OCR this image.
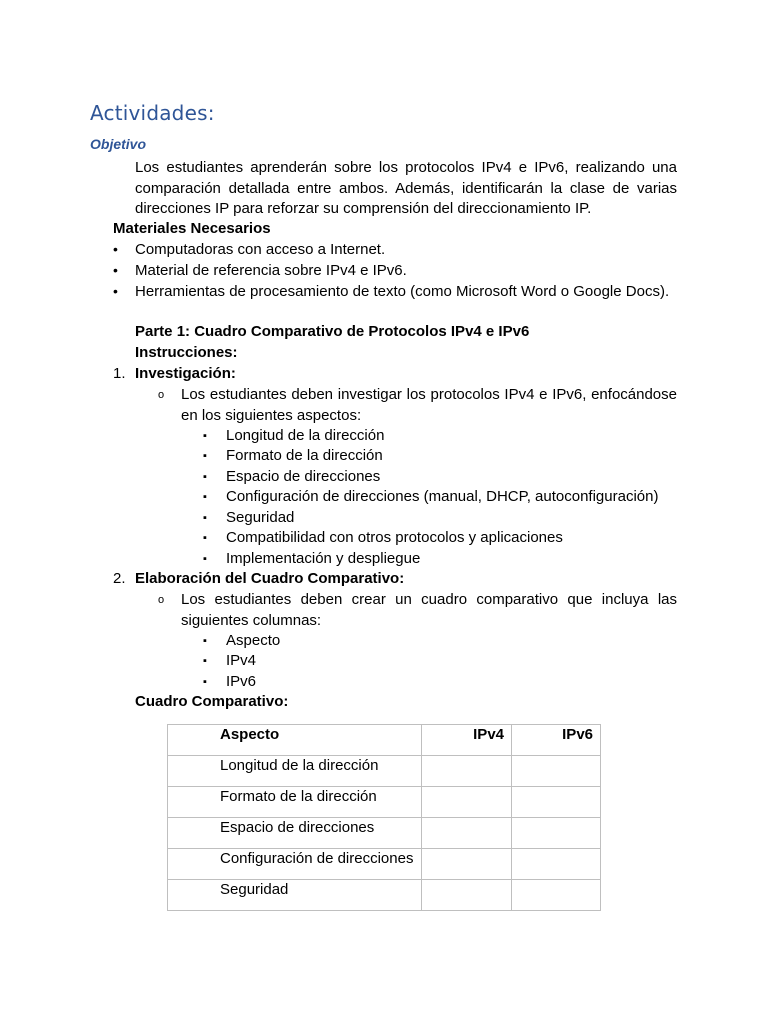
Actividades:
Objetivo
Los estudiantes aprenderán sobre los protocolos IPv4 e IPv6, realizando una comparación detallada entre ambos. Además, identificarán la clase de varias direcciones IP para reforzar su comprensión del direccionamiento IP.
Materiales Necesarios
• Computadoras con acceso a Internet.
• Material de referencia sobre IPv4 e IPv6.
• Herramientas de procesamiento de texto (como Microsoft Word o Google Docs).
Parte 1: Cuadro Comparativo de Protocolos IPv4 e IPv6
Instrucciones:
1. Investigación:
o Los estudiantes deben investigar los protocolos IPv4 e IPv6, enfocándose en los siguientes aspectos:
▪ Longitud de la dirección
▪ Formato de la dirección
▪ Espacio de direcciones
▪ Configuración de direcciones (manual, DHCP, autoconfiguración)
▪ Seguridad
▪ Compatibilidad con otros protocolos y aplicaciones
▪ Implementación y despliegue
2. Elaboración del Cuadro Comparativo:
o Los estudiantes deben crear un cuadro comparativo que incluya las siguientes columnas:
▪ Aspecto
▪ IPv4
▪ IPv6
Cuadro Comparativo:
Aspecto	IPv4	IPv6

Longitud de la dirección		

Formato de la dirección		

Espacio de direcciones		

Configuración de direcciones		

Seguridad		
